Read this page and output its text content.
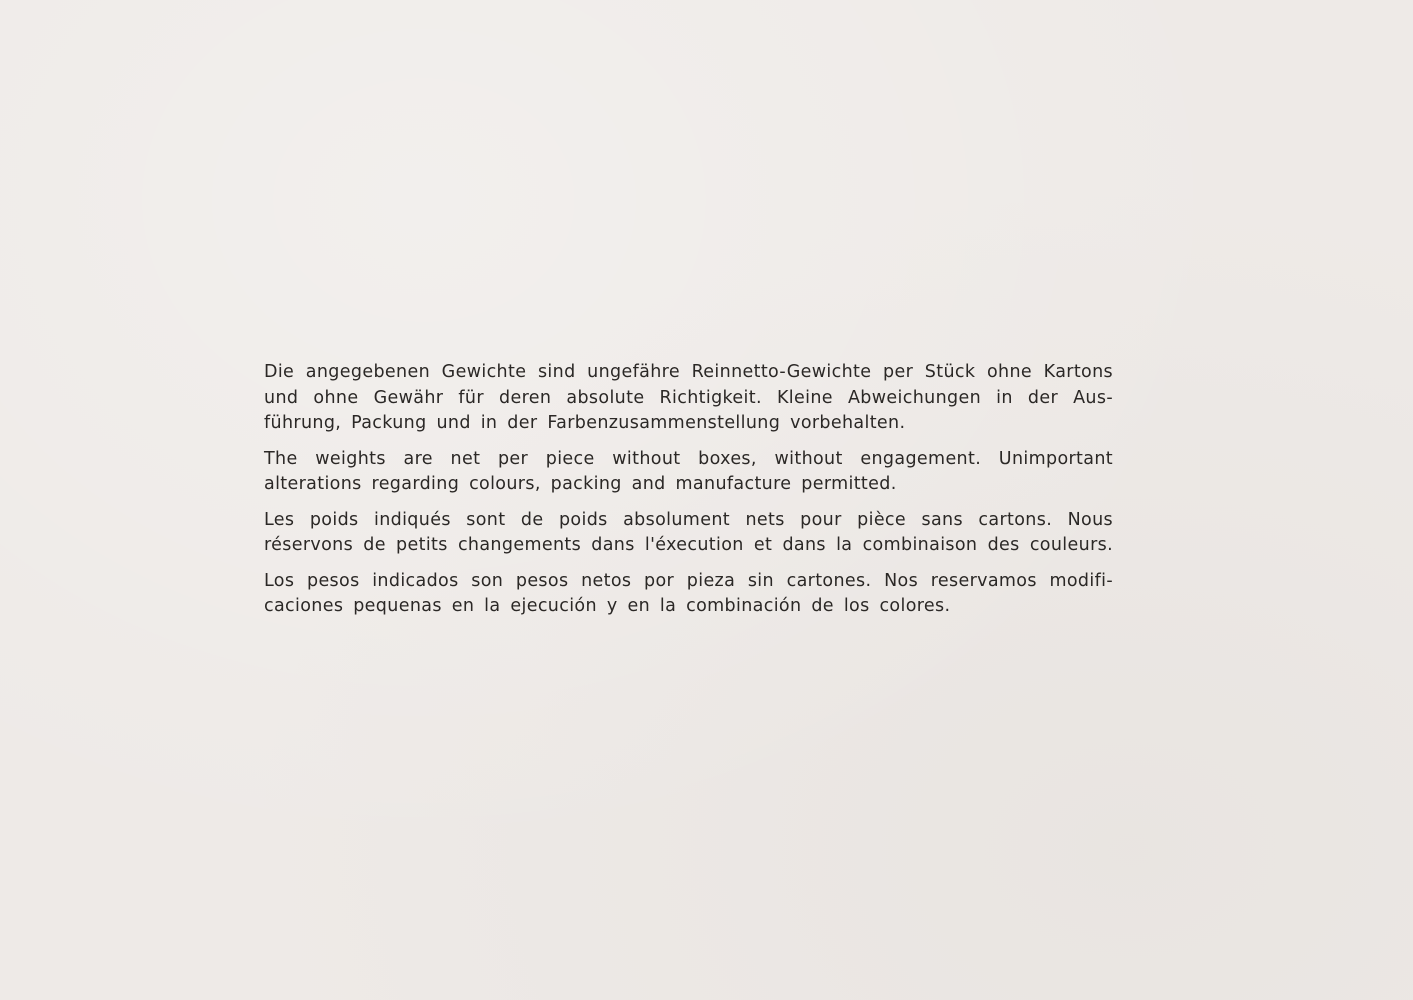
Die angegebenen Gewichte sind ungefähre Reinnetto-Gewichte per Stück ohne Kartons
und ohne Gewähr für deren absolute Richtigkeit. Kleine Abweichungen in der Aus-
führung, Packung und in der Farbenzusammenstellung vorbehalten.

The weights are net per piece without boxes, without engagement. Unimportant
alterations regarding colours, packing and manufacture permitted.

Les poids indiqués sont de poids absolument nets pour pièce sans cartons. Nous
réservons de petits changements dans l'éxecution et dans la combinaison des couleurs.

Los pesos indicados son pesos netos por pieza sin cartones. Nos reservamos modifi-
caciones pequenas en la ejecución y en la combinación de los colores.
